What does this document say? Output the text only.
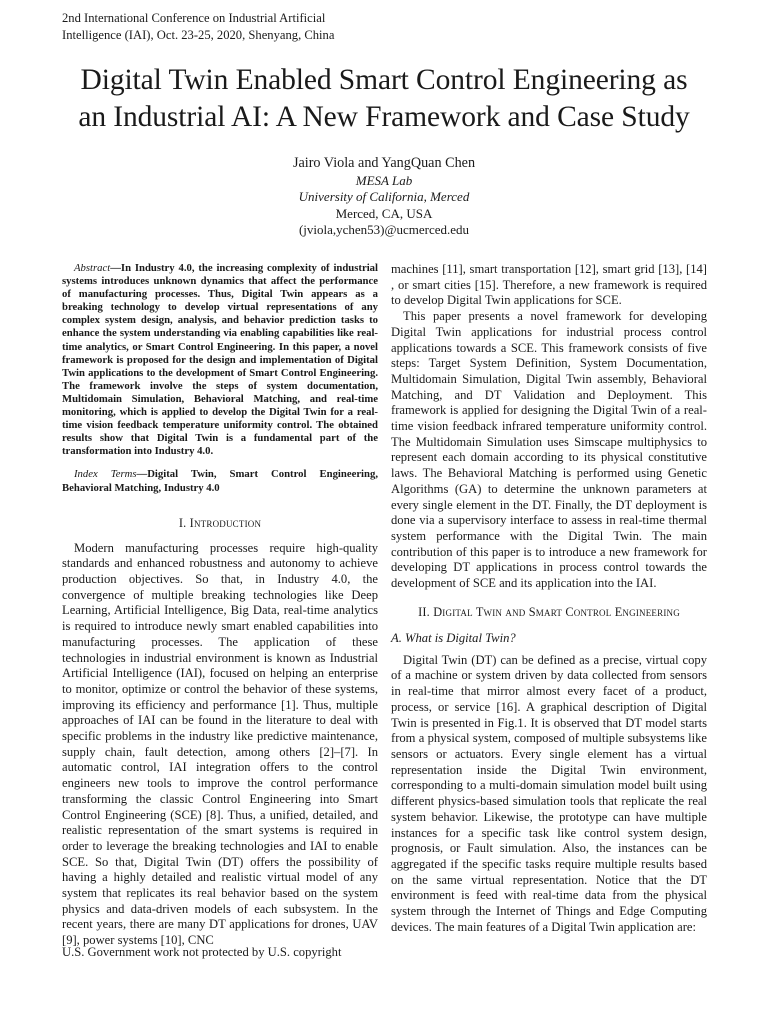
2nd International Conference on Industrial Artificial
Intelligence (IAI), Oct. 23-25, 2020, Shenyang, China
Digital Twin Enabled Smart Control Engineering as
an Industrial AI: A New Framework and Case Study
Jairo Viola and YangQuan Chen
MESA Lab
University of California, Merced
Merced, CA, USA
(jviola,ychen53)@ucmerced.edu
Abstract—In Industry 4.0, the increasing complexity of industrial systems introduces unknown dynamics that affect the performance of manufacturing processes. Thus, Digital Twin appears as a breaking technology to develop virtual representations of any complex system design, analysis, and behavior prediction tasks to enhance the system understanding via enabling capabilities like real-time analytics, or Smart Control Engineering. In this paper, a novel framework is proposed for the design and implementation of Digital Twin applications to the development of Smart Control Engineering. The framework involve the steps of system documentation, Multidomain Simulation, Behavioral Matching, and real-time monitoring, which is applied to develop the Digital Twin for a real-time vision feedback temperature uniformity control. The obtained results show that Digital Twin is a fundamental part of the transformation into Industry 4.0.
Index Terms—Digital Twin, Smart Control Engineering, Behavioral Matching, Industry 4.0
I. Introduction

Modern manufacturing processes require high-quality standards and enhanced robustness and autonomy to achieve production objectives. So that, in Industry 4.0, the convergence of multiple breaking technologies like Deep Learning, Artificial Intelligence, Big Data, real-time analytics is required to introduce newly smart enabled capabilities into manufacturing processes. The application of these technologies in industrial environment is known as Industrial Artificial Intelligence (IAI), focused on helping an enterprise to monitor, optimize or control the behavior of these systems, improving its efficiency and performance [1]. Thus, multiple approaches of IAI can be found in the literature to deal with specific problems in the industry like predictive maintenance, supply chain, fault detection, among others [2]–[7]. In automatic control, IAI integration offers to the control engineers new tools to improve the control performance transforming the classic Control Engineering into Smart Control Engineering (SCE) [8]. Thus, a unified, detailed, and realistic representation of the smart systems is required in order to leverage the breaking technologies and IAI to enable SCE. So that, Digital Twin (DT) offers the possibility of having a highly detailed and realistic virtual model of any system that replicates its real behavior based on the system physics and data-driven models of each subsystem. In the recent years, there are many DT applications for drones, UAV [9], power systems [10], CNC

machines [11], smart transportation [12], smart grid [13], [14] , or smart cities [15]. Therefore, a new framework is required to develop Digital Twin applications for SCE.

This paper presents a novel framework for developing Digital Twin applications for industrial process control applications towards a SCE. This framework consists of five steps: Target System Definition, System Documentation, Multidomain Simulation, Digital Twin assembly, Behavioral Matching, and DT Validation and Deployment. This framework is applied for designing the Digital Twin of a real-time vision feedback infrared temperature uniformity control. The Multidomain Simulation uses Simscape multiphysics to represent each domain according to its physical constitutive laws. The Behavioral Matching is performed using Genetic Algorithms (GA) to determine the unknown parameters at every single element in the DT. Finally, the DT deployment is done via a supervisory interface to assess in real-time thermal system performance with the Digital Twin. The main contribution of this paper is to introduce a new framework for developing DT applications in process control towards the development of SCE and its application into the IAI.

II. Digital Twin and Smart Control Engineering
A. What is Digital Twin?

Digital Twin (DT) can be defined as a precise, virtual copy of a machine or system driven by data collected from sensors in real-time that mirror almost every facet of a product, process, or service [16]. A graphical description of Digital Twin is presented in Fig.1. It is observed that DT model starts from a physical system, composed of multiple subsystems like sensors or actuators. Every single element has a virtual representation inside the Digital Twin environment, corresponding to a multi-domain simulation model built using different physics-based simulation tools that replicate the real system behavior. Likewise, the prototype can have multiple instances for a specific task like control system design, prognosis, or Fault simulation. Also, the instances can be aggregated if the specific tasks require multiple results based on the same virtual representation. Notice that the DT environment is feed with real-time data from the physical system through the Internet of Things and Edge Computing devices. The main features of a Digital Twin application are:

U.S. Government work not protected by U.S. copyright
